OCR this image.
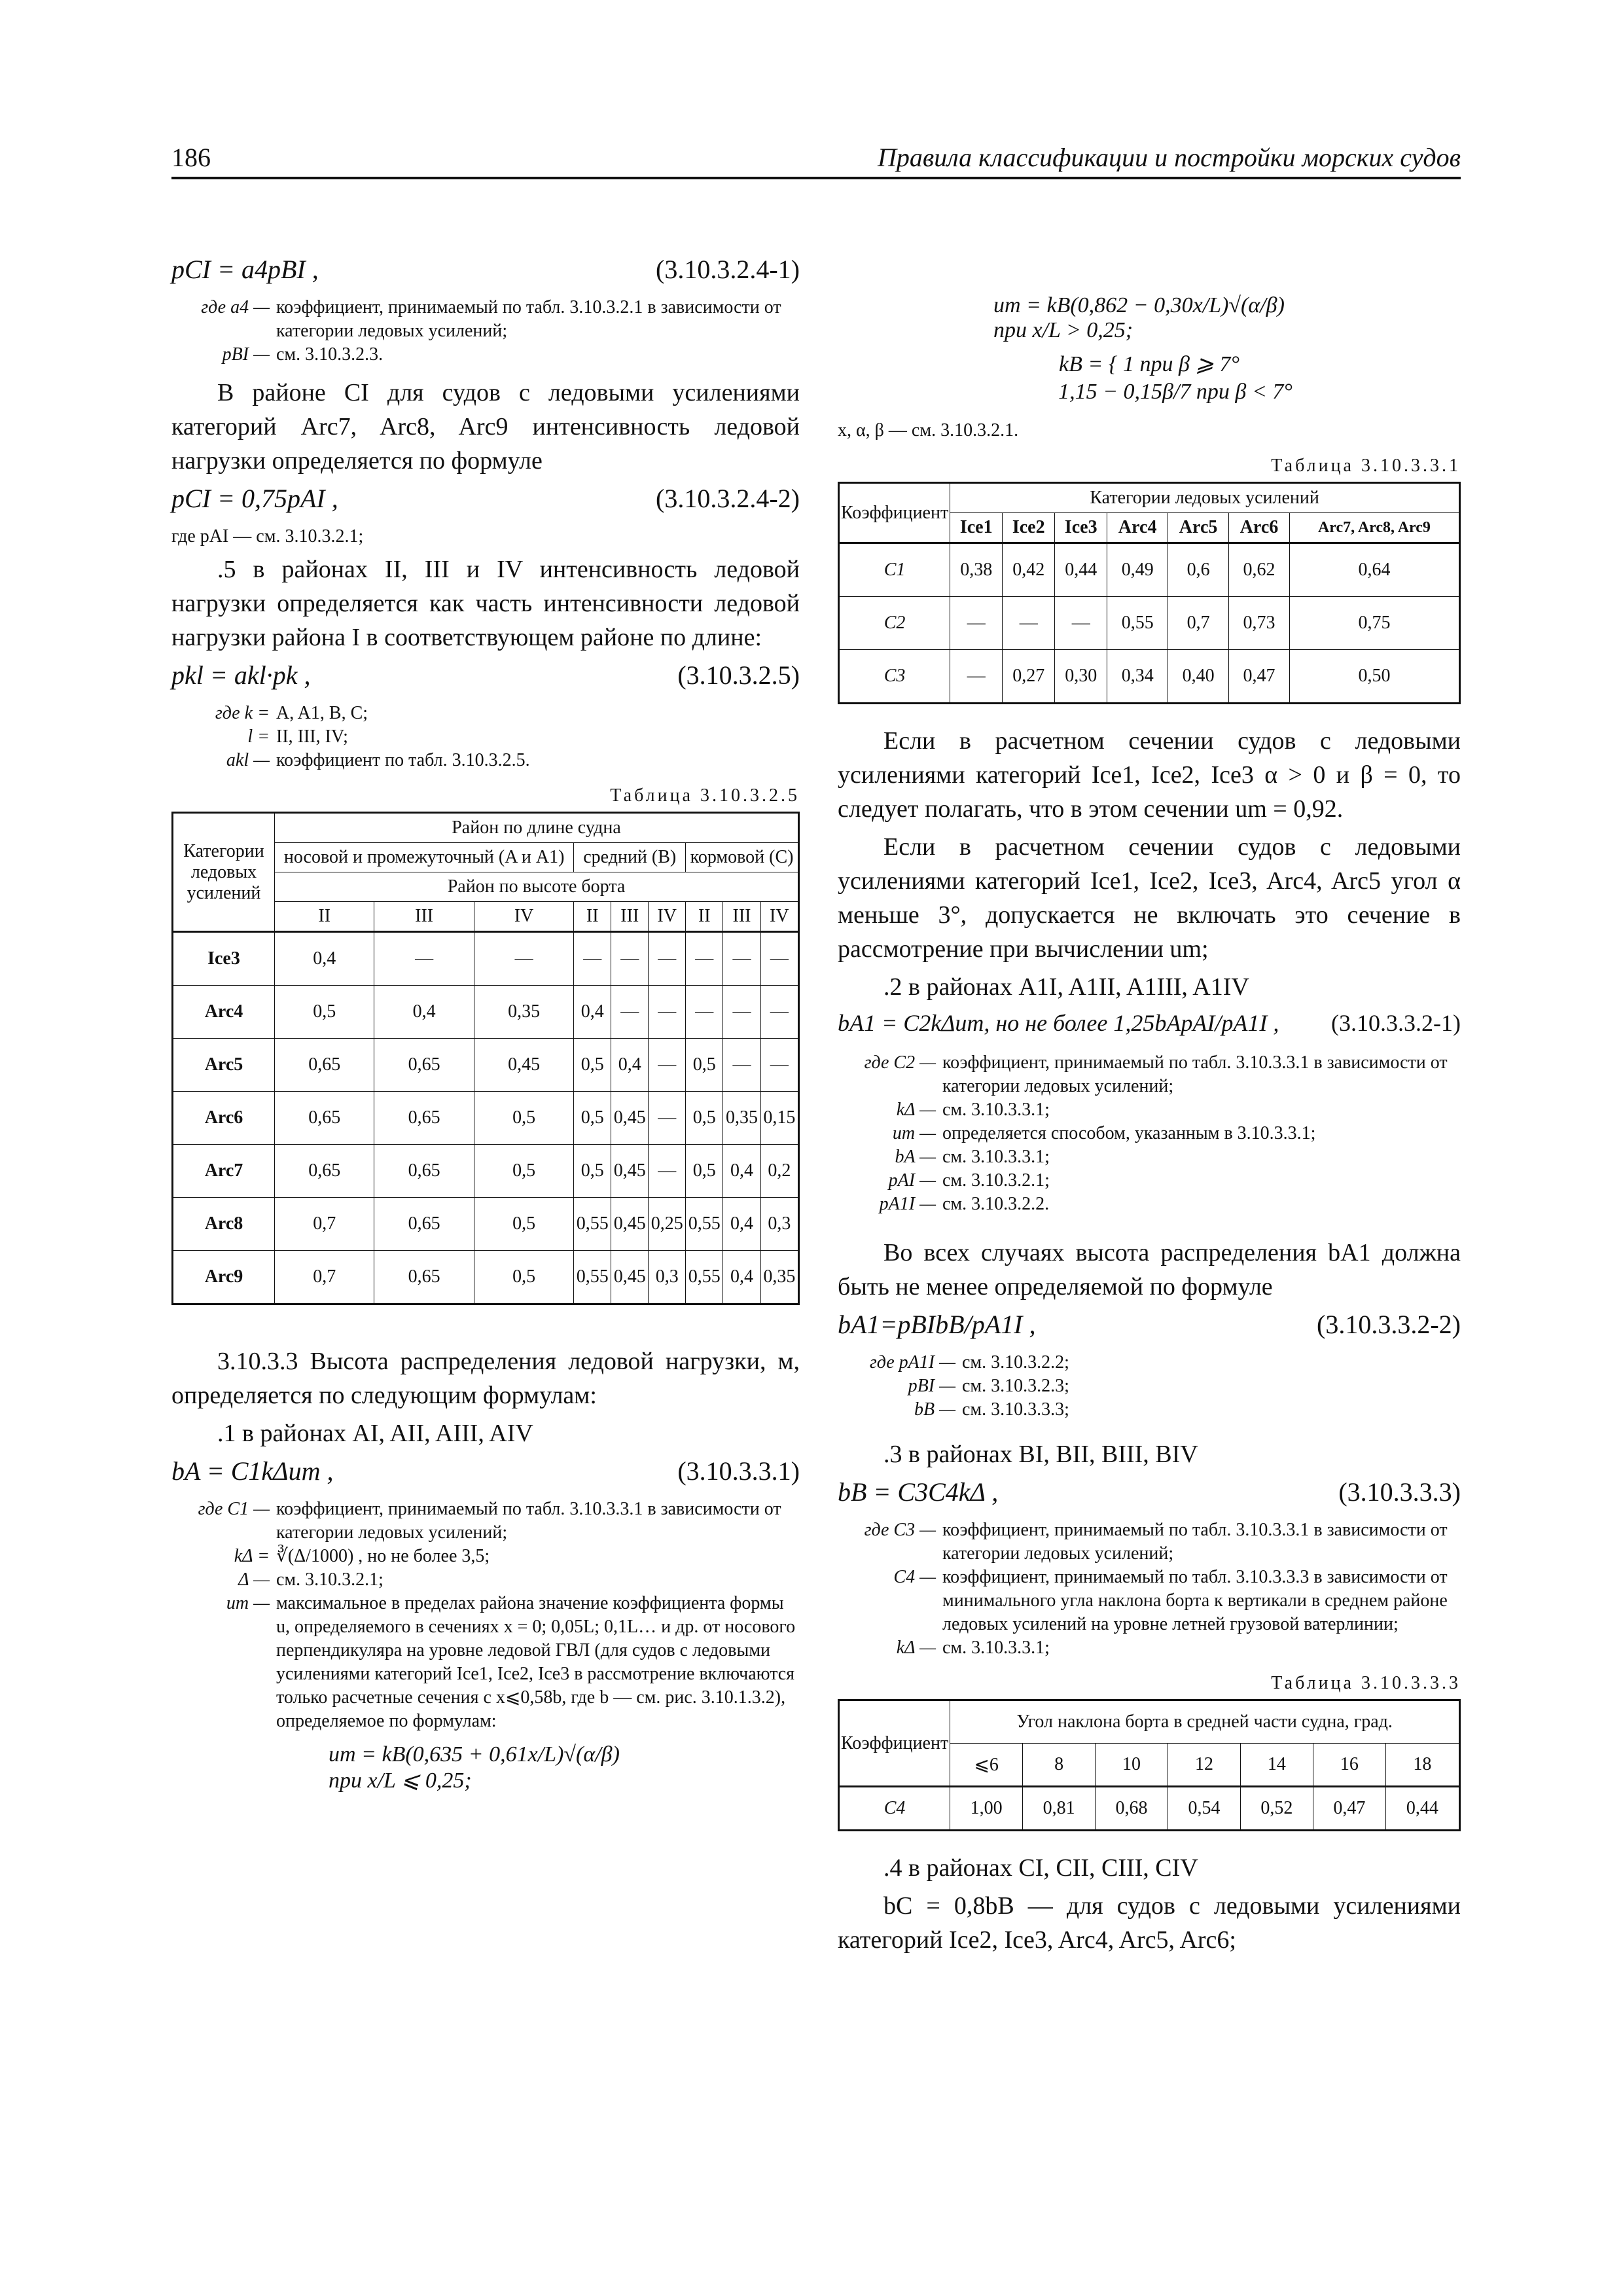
186	Правила классификации и постройки морских судов
pCI = a4pBI ,	(3.10.3.2.4-1)
где a4 — коэффициент, принимаемый по табл. 3.10.3.2.1 в зависимости от категории ледовых усилений;
pBI — см. 3.10.3.2.3.

В районе CI для судов с ледовыми усилениями категорий Arc7, Arc8, Arc9 интенсивность ледовой нагрузки определяется по формуле

pCI = 0,75pAI ,	(3.10.3.2.4-2)
где pAI — см. 3.10.3.2.1;

.5 в районах II, III и IV интенсивность ледовой нагрузки определяется как часть интенсивности ледовой нагрузки района I в соответствующем районе по длине:

pkl = akl·pk ,	(3.10.3.2.5)
где k = A, A1, B, C;
l = II, III, IV;
akl — коэффициент по табл. 3.10.3.2.5.
Таблица 3.10.3.2.5
Категории ледовых усилений	Район по длине судна								
	носовой и промежуточный (A и A1)			средний (B)			кормовой (C)		
	Район по высоте борта								
	II	III	IV	II	III	IV	II	III	IV
Ice3	0,4	—	—	—	—	—	—	—	—
Arc4	0,5	0,4	0,35	0,4	—	—	—	—	—
Arc5	0,65	0,65	0,45	0,5	0,4	—	0,5	—	—
Arc6	0,65	0,65	0,5	0,5	0,45	—	0,5	0,35	0,15
Arc7	0,65	0,65	0,5	0,5	0,45	—	0,5	0,4	0,2
Arc8	0,7	0,65	0,5	0,55	0,45	0,25	0,55	0,4	0,3
Arc9	0,7	0,65	0,5	0,55	0,45	0,3	0,55	0,4	0,35

3.10.3.3 Высота распределения ледовой нагрузки, м, определяется по следующим формулам:

.1 в районах AI, AII, AIII, AIV

bA = C1kΔum ,	(3.10.3.3.1)
где C1 — коэффициент, принимаемый по табл. 3.10.3.3.1 в зависимости от категории ледовых усилений;
kΔ = ∛(Δ/1000) , но не более 3,5;
Δ — см. 3.10.3.2.1;
um — максимальное в пределах района значение коэффициента формы u, определяемого в сечениях x = 0; 0,05L; 0,1L… и др. от носового перпендикуляра на уровне ледовой ГВЛ (для судов с ледовыми усилениями категорий Ice1, Ice2, Ice3 в рассмотрение включаются только расчетные сечения с x⩽0,58b, где b — см. рис. 3.10.1.3.2), определяемое по формулам:
um = kB(0,635 + 0,61x/L)√(α/β) при x/L ⩽ 0,25;
um = kB(0,862 − 0,30x/L)√(α/β) при x/L > 0,25;
kB = { 1 при β ⩾ 7°
1,15 − 0,15β/7 при β < 7°
x, α, β — см. 3.10.3.2.1.
Таблица 3.10.3.3.1
Коэффициент	Категории ледовых усилений						
	Ice1	Ice2	Ice3	Arc4	Arc5	Arc6	Arc7, Arc8, Arc9
C1	0,38	0,42	0,44	0,49	0,6	0,62	0,64
C2	—	—	—	0,55	0,7	0,73	0,75
C3	—	0,27	0,30	0,34	0,40	0,47	0,50

Если в расчетном сечении судов с ледовыми усилениями категорий Ice1, Ice2, Ice3 α > 0 и β = 0, то следует полагать, что в этом сечении um = 0,92.

Если в расчетном сечении судов с ледовыми усилениями категорий Ice1, Ice2, Ice3, Arc4, Arc5 угол α меньше 3°, допускается не включать это сечение в рассмотрение при вычислении um;

.2 в районах A1I, A1II, A1III, A1IV

bA1 = C2kΔum, но не более 1,25bApAI/pA1I , (3.10.3.3.2-1)
где C2 — коэффициент, принимаемый по табл. 3.10.3.3.1 в зависимости от категории ледовых усилений;
kΔ — см. 3.10.3.3.1;
um — определяется способом, указанным в 3.10.3.3.1;
bA — см. 3.10.3.3.1;
pAI — см. 3.10.3.2.1;
pA1I — см. 3.10.3.2.2.

Во всех случаях высота распределения bA1 должна быть не менее определяемой по формуле

bA1=pBIbB/pA1I ,	(3.10.3.3.2-2)
где pA1I — см. 3.10.3.2.2;
pBI — см. 3.10.3.2.3;
bB — см. 3.10.3.3.3;

.3 в районах BI, BII, BIII, BIV

bB = C3C4kΔ ,	(3.10.3.3.3)
где C3 — коэффициент, принимаемый по табл. 3.10.3.3.1 в зависимости от категории ледовых усилений;
C4 — коэффициент, принимаемый по табл. 3.10.3.3.3 в зависимости от минимального угла наклона борта к вертикали в среднем районе ледовых усилений на уровне летней грузовой ватерлинии;
kΔ — см. 3.10.3.3.1;
Таблица 3.10.3.3.3
Коэффициент	Угол наклона борта в средней части судна, град.						
	⩽6	8	10	12	14	16	18
C4	1,00	0,81	0,68	0,54	0,52	0,47	0,44

.4 в районах CI, CII, CIII, CIV

bC = 0,8bB — для судов с ледовыми усилениями категорий Ice2, Ice3, Arc4, Arc5, Arc6;
